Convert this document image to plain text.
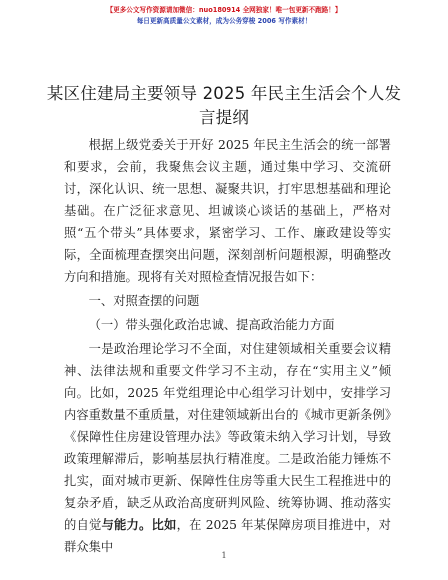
【更多公文写作资源请加微信：nuo180914 全网独家！唯一包更新不跑路！】
每日更新高质量公文素材，成为公务穿梭 2006 写作素材！
某区住建局主要领导 2025 年民主生活会个人发言提纲

根据上级党委关于开好 2025 年民主生活会的统一部署和要求，会前，我聚焦会议主题，通过集中学习、交流研讨，深化认识、统一思想、凝聚共识，打牢思想基础和理论基础。在广泛征求意见、坦诚谈心谈话的基础上，严格对照“五个带头”具体要求，紧密学习、工作、廉政建设等实际，全面梳理查摆突出问题，深刻剖析问题根源，明确整改方向和措施。现将有关对照检查情况报告如下：

一、对照查摆的问题

（一）带头强化政治忠诚、提高政治能力方面

一是政治理论学习不全面，对住建领域相关重要会议精神、法律法规和重要文件学习不主动，存在“实用主义”倾向。比如，2025 年党组理论中心组学习计划中，安排学习内容重数量不重质量，对住建领域新出台的《城市更新条例》《保障性住房建设管理办法》等政策未纳入学习计划，导致政策理解滞后，影响基层执行精准度。二是政治能力锤炼不扎实，面对城市更新、保障性住房等重大民生工程推进中的复杂矛盾，缺乏从政治高度研判风险、统筹协调、推动落实的自觉与能力。比如，在 2025 年某保障房项目推进中，对群众集中

1
